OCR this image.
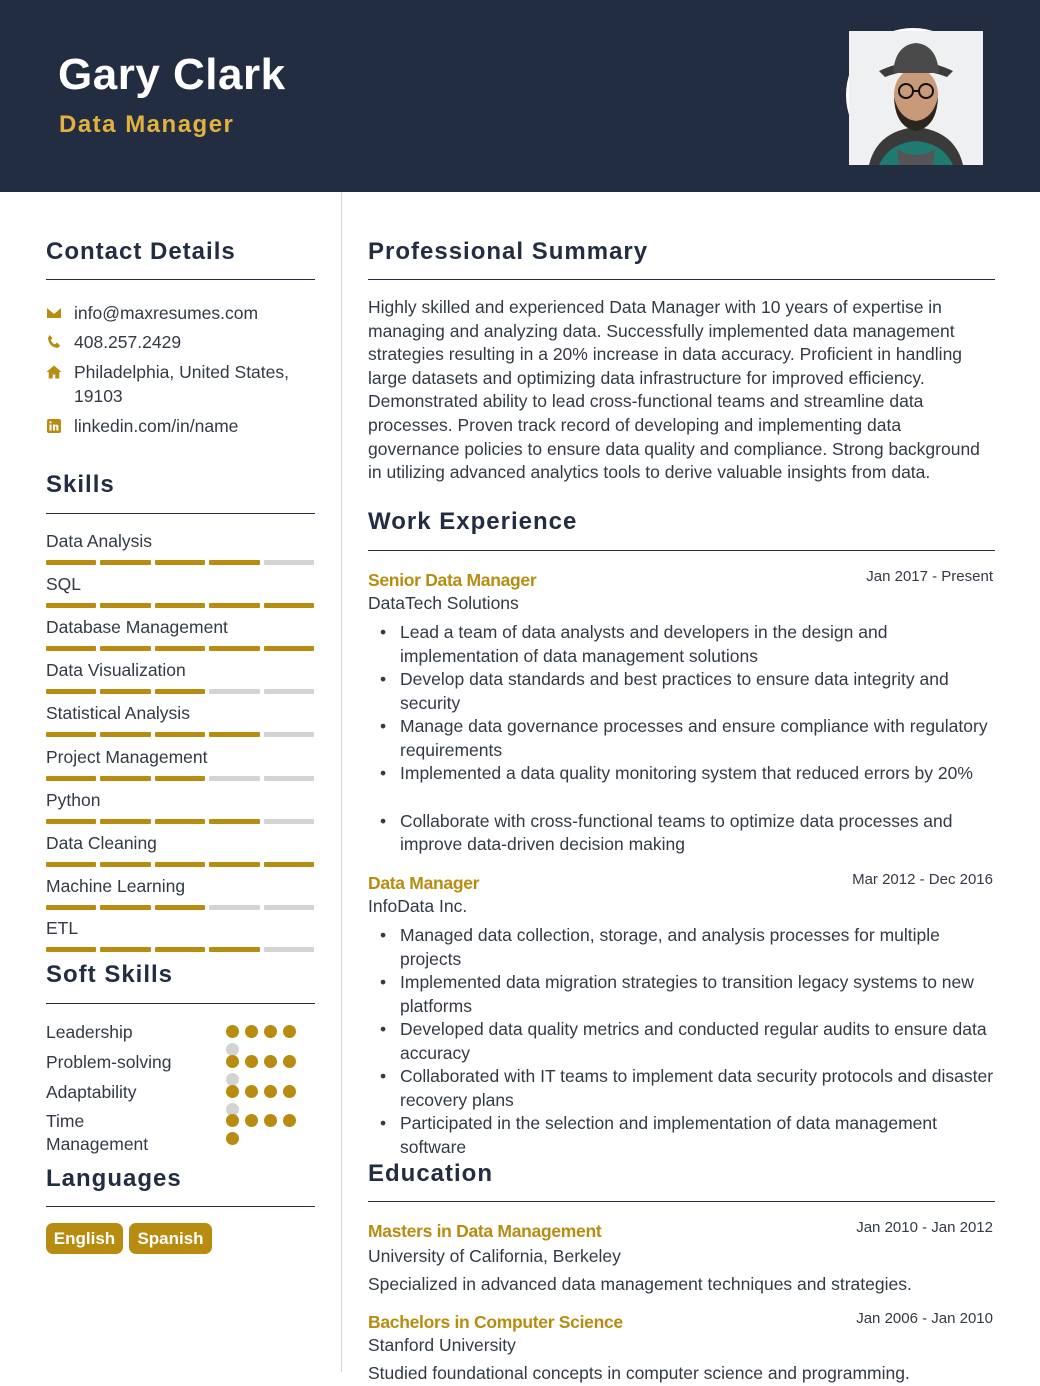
Gary Clark
Data Manager
Contact Details
info@maxresumes.com
408.257.2429
Philadelphia, United States,
19103
linkedin.com/in/name
Skills
Data Analysis
SQL
Database Management
Data Visualization
Statistical Analysis
Project Management
Python
Data Cleaning
Machine Learning
ETL
Soft Skills
Leadership
Problem-solving
Adaptability
Time
Management
Languages
English	Spanish
Professional Summary
Highly skilled and experienced Data Manager with 10 years of expertise in managing and analyzing data. Successfully implemented data management strategies resulting in a 20% increase in data accuracy. Proficient in handling large datasets and optimizing data infrastructure for improved efficiency. Demonstrated ability to lead cross-functional teams and streamline data processes. Proven track record of developing and implementing data governance policies to ensure data quality and compliance. Strong background in utilizing advanced analytics tools to derive valuable insights from data.
Work Experience
Senior Data Manager	Jan 2017 - Present
DataTech Solutions
• Lead a team of data analysts and developers in the design and implementation of data management solutions
• Develop data standards and best practices to ensure data integrity and security
• Manage data governance processes and ensure compliance with regulatory requirements
• Implemented a data quality monitoring system that reduced errors by 20%
• Collaborate with cross-functional teams to optimize data processes and improve data-driven decision making
Data Manager	Mar 2012 - Dec 2016
InfoData Inc.
• Managed data collection, storage, and analysis processes for multiple projects
• Implemented data migration strategies to transition legacy systems to new platforms
• Developed data quality metrics and conducted regular audits to ensure data accuracy
• Collaborated with IT teams to implement data security protocols and disaster recovery plans
• Participated in the selection and implementation of data management software
Education
Masters in Data Management	Jan 2010 - Jan 2012
University of California, Berkeley
Specialized in advanced data management techniques and strategies.
Bachelors in Computer Science	Jan 2006 - Jan 2010
Stanford University
Studied foundational concepts in computer science and programming.
